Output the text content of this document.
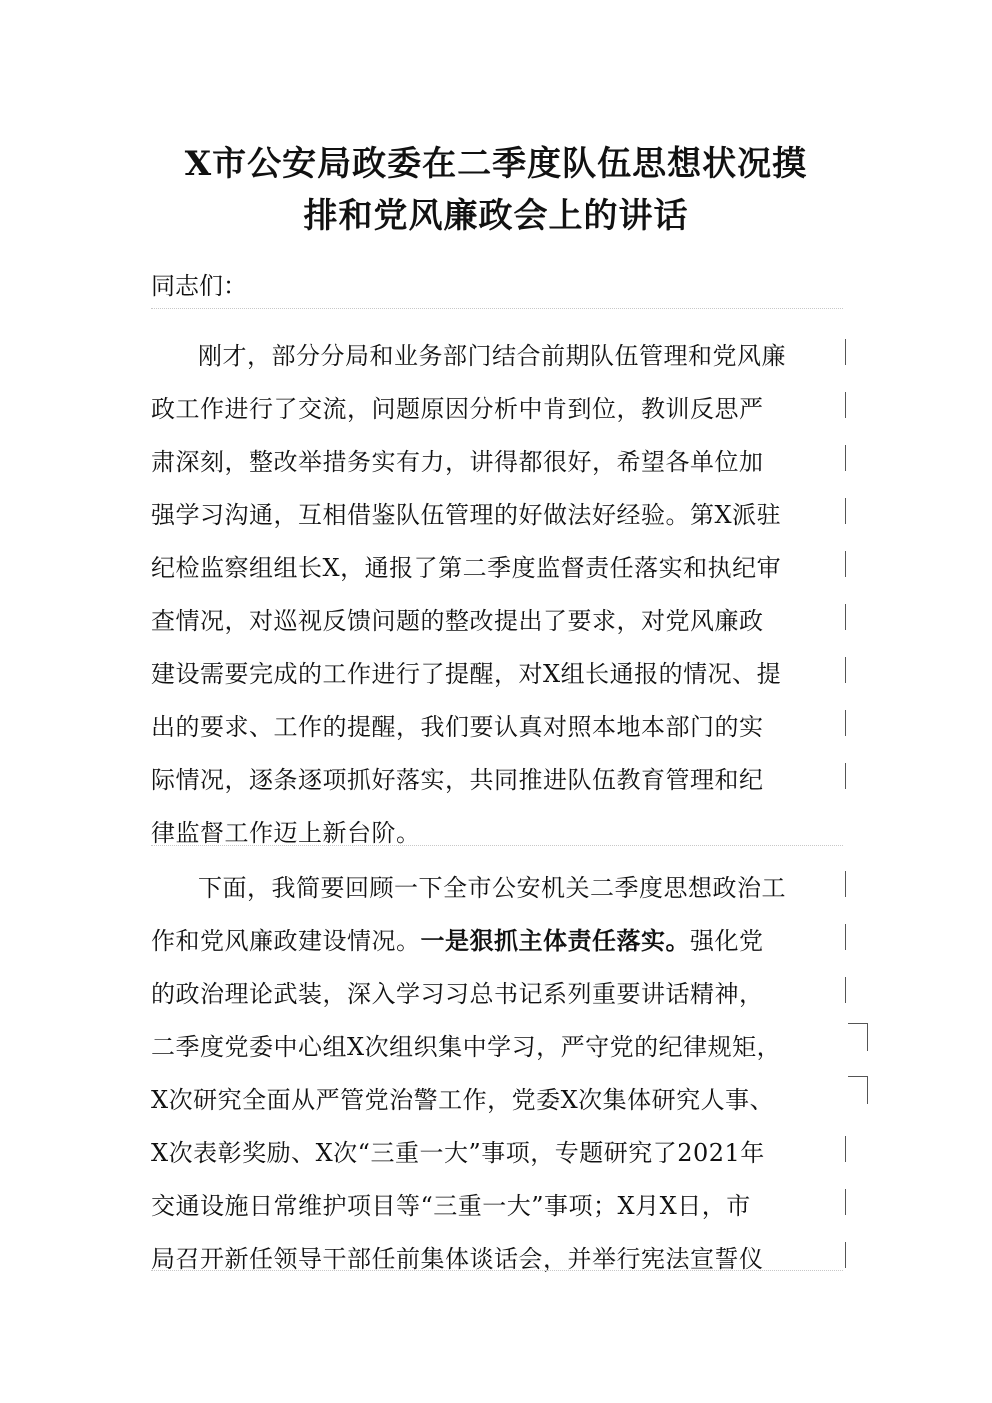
X市公安局政委在二季度队伍思想状况摸
排和党风廉政会上的讲话
同志们：
刚才，部分分局和业务部门结合前期队伍管理和党风廉
政工作进行了交流，问题原因分析中肯到位，教训反思严
肃深刻，整改举措务实有力，讲得都很好，希望各单位加
强学习沟通，互相借鉴队伍管理的好做法好经验。第X派驻
纪检监察组组长X，通报了第二季度监督责任落实和执纪审
查情况，对巡视反馈问题的整改提出了要求，对党风廉政
建设需要完成的工作进行了提醒，对X组长通报的情况、提
出的要求、工作的提醒，我们要认真对照本地本部门的实
际情况，逐条逐项抓好落实，共同推进队伍教育管理和纪
律监督工作迈上新台阶。
下面，我简要回顾一下全市公安机关二季度思想政治工
作和党风廉政建设情况。一是狠抓主体责任落实。强化党
的政治理论武装，深入学习习总书记系列重要讲话精神，
二季度党委中心组X次组织集中学习，严守党的纪律规矩，
X次研究全面从严管党治警工作，党委X次集体研究人事、
X次表彰奖励、X次“三重一大”事项，专题研究了2021年
交通设施日常维护项目等“三重一大”事项；X月X日，市
局召开新任领导干部任前集体谈话会，并举行宪法宣誓仪
